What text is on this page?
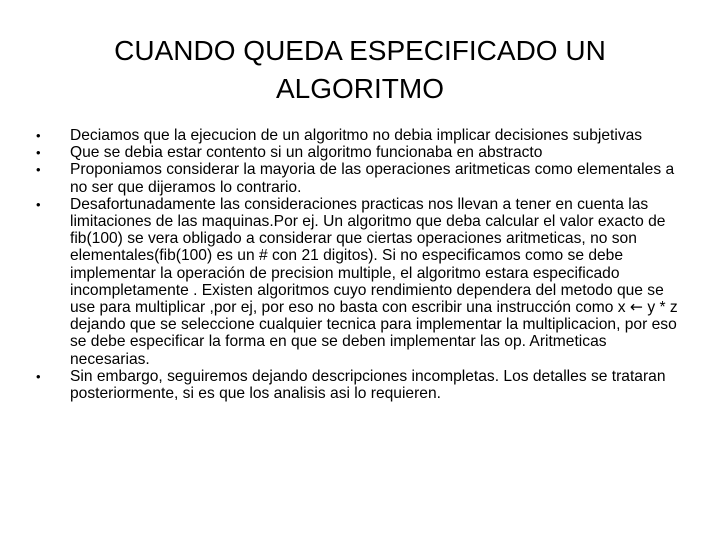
CUANDO QUEDA ESPECIFICADO UN ALGORITMO
•	Deciamos que la ejecucion de un algoritmo no debia implicar decisiones subjetivas
•	Que se debia estar contento si un algoritmo funcionaba en abstracto
•	Proponiamos considerar la mayoria de las operaciones aritmeticas como elementales a no ser que dijeramos lo contrario.
•	Desafortunadamente las consideraciones practicas nos llevan a tener en cuenta las limitaciones de las maquinas.Por ej. Un algoritmo que deba calcular el valor exacto de fib(100) se vera obligado a considerar que ciertas operaciones aritmeticas, no son elementales(fib(100) es un # con 21 digitos). Si no especificamos como se debe implementar la operación de precision multiple, el algoritmo estara especificado incompletamente . Existen algoritmos cuyo rendimiento dependera del metodo que se use para multiplicar ,por ej, por eso no basta con escribir una instrucción como x ← y * z dejando que se seleccione cualquier tecnica para implementar la multiplicacion, por eso se debe especificar la forma en que se deben implementar las op. Aritmeticas necesarias.
•	Sin embargo, seguiremos dejando descripciones incompletas. Los detalles se trataran posteriormente, si es que los analisis asi lo requieren.
